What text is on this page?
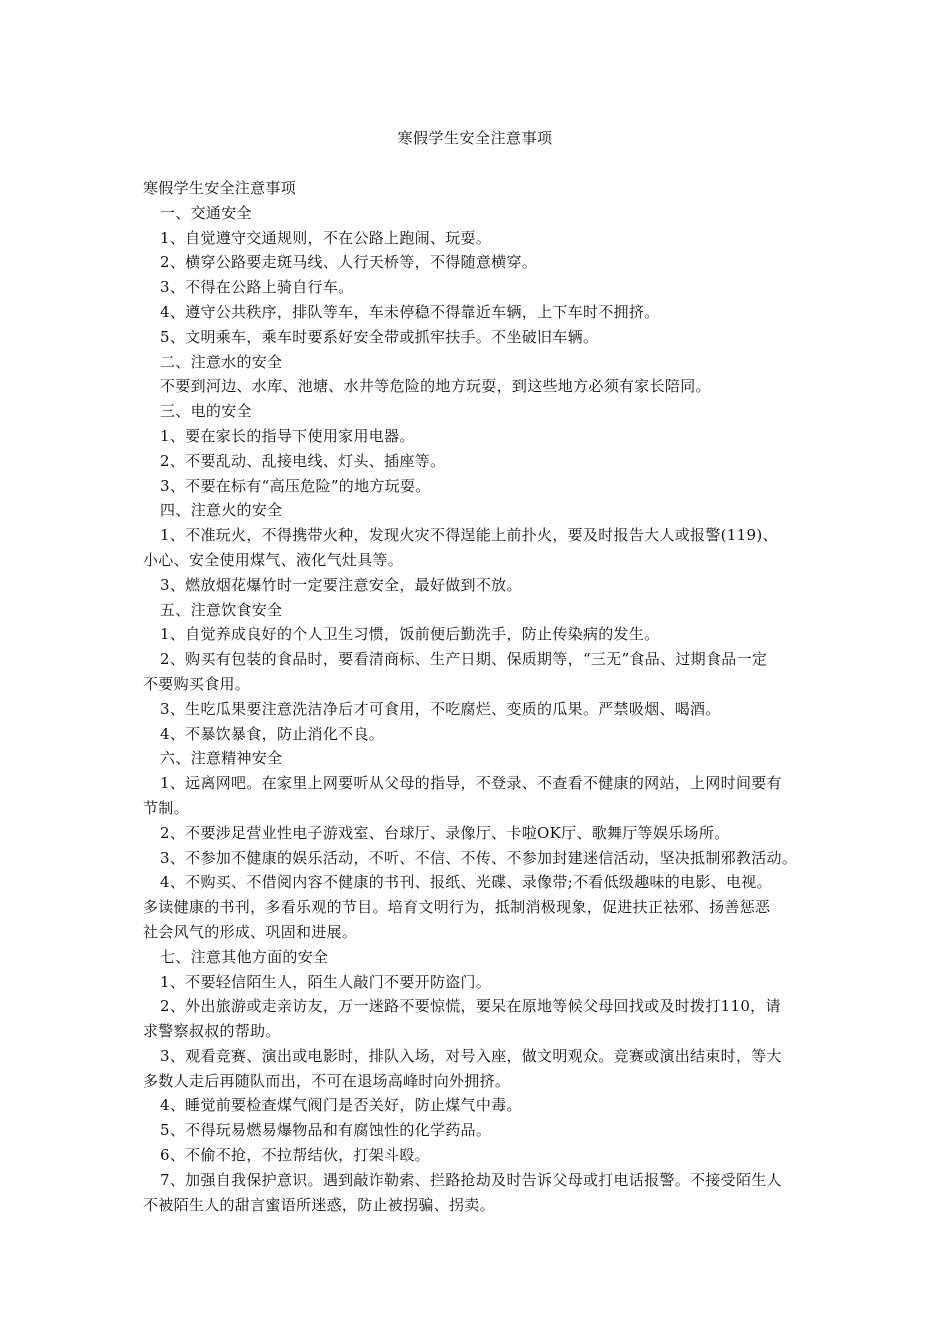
寒假学生安全注意事项
寒假学生安全注意事项
一、交通安全
1、自觉遵守交通规则，不在公路上跑闹、玩耍。
2、横穿公路要走斑马线、人行天桥等，不得随意横穿。
3、不得在公路上骑自行车。
4、遵守公共秩序，排队等车，车未停稳不得靠近车辆，上下车时不拥挤。
5、文明乘车，乘车时要系好安全带或抓牢扶手。不坐破旧车辆。
二、注意水的安全
不要到河边、水库、池塘、水井等危险的地方玩耍，到这些地方必须有家长陪同。
三、电的安全
1、要在家长的指导下使用家用电器。
2、不要乱动、乱接电线、灯头、插座等。
3、不要在标有“高压危险”的地方玩耍。
四、注意火的安全
1、不准玩火，不得携带火种，发现火灾不得逞能上前扑火，要及时报告大人或报警(119)、
小心、安全使用煤气、液化气灶具等。
3、燃放烟花爆竹时一定要注意安全，最好做到不放。
五、注意饮食安全
1、自觉养成良好的个人卫生习惯，饭前便后勤洗手，防止传染病的发生。
2、购买有包装的食品时，要看清商标、生产日期、保质期等，“三无”食品、过期食品一定
不要购买食用。
3、生吃瓜果要注意洗洁净后才可食用，不吃腐烂、变质的瓜果。严禁吸烟、喝酒。
4、不暴饮暴食，防止消化不良。
六、注意精神安全
1、远离网吧。在家里上网要听从父母的指导，不登录、不查看不健康的网站，上网时间要有
节制。
2、不要涉足营业性电子游戏室、台球厅、录像厅、卡啦OK厅、歌舞厅等娱乐场所。
3、不参加不健康的娱乐活动，不听、不信、不传、不参加封建迷信活动，坚决抵制邪教活动。
4、不购买、不借阅内容不健康的书刊、报纸、光碟、录像带;不看低级趣味的电影、电视。
多读健康的书刊，多看乐观的节目。培育文明行为，抵制消极现象，促进扶正祛邪、扬善惩恶
社会风气的形成、巩固和进展。
七、注意其他方面的安全
1、不要轻信陌生人，陌生人敲门不要开防盗门。
2、外出旅游或走亲访友，万一迷路不要惊慌，要呆在原地等候父母回找或及时拨打110，请
求警察叔叔的帮助。
3、观看竞赛、演出或电影时，排队入场，对号入座，做文明观众。竞赛或演出结束时，等大
多数人走后再随队而出，不可在退场高峰时向外拥挤。
4、睡觉前要检查煤气阀门是否关好，防止煤气中毒。
5、不得玩易燃易爆物品和有腐蚀性的化学药品。
6、不偷不抢，不拉帮结伙，打架斗殴。
7、加强自我保护意识。遇到敲诈勒索、拦路抢劫及时告诉父母或打电话报警。不接受陌生人
不被陌生人的甜言蜜语所迷惑，防止被拐骗、拐卖。
